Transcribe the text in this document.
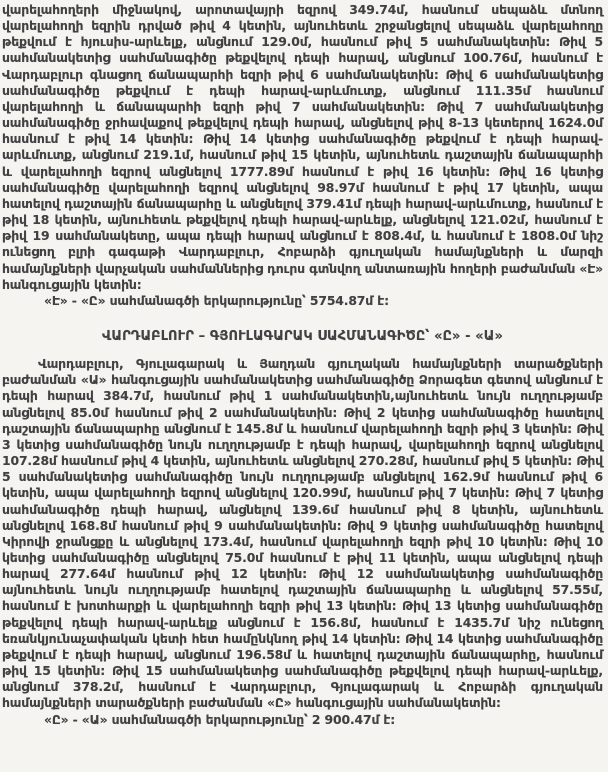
վարելահողերի միջնակով, արոտավայրի եզրով 349.74մ, հասնում սեպաձև մտնող վարելահողի եզրին դրված թիվ 4 կետին, այնուհետև շրջանցելով սեպաձև վարելահողը թեքվում է հյուսիս-արևելք, անցնում 129.0մ, հասնում թիվ 5 սահմանակետին: Թիվ 5 սահմանակետից սահմանագիծը թեքվելով դեպի հարավ, անցնում 100.76մ, հասնում է Վարդաբլուր գնացող ճանապարհի եզրի թիվ 6 սահմանակետին: Թիվ 6 սահմանակետից սահմանագիծը թեքվում է դեպի հարավ-արևմուտք, անցնում 111.35մ հասնում վարելահողի և ճանապարհի եզրի թիվ 7 սահմանակետին: Թիվ 7 սահմանակետից սահմանագիծը ջրհավաքով թեքվելով դեպի հարավ, անցնելով թիվ 8-13 կետերով 1624.0մ հասնում է թիվ 14 կետին: Թիվ 14 կետից սահմանագիծը թեքվում է դեպի հարավ-արևմուտք, անցնում 219.1մ, հասնում թիվ 15 կետին, այնուհետև դաշտային ճանապարհի և վարելահողի եզրով անցնելով 1777.89մ հասնում է թիվ 16 կետին: Թիվ 16 կետից սահմանագիծը վարելահողի եզրով անցնելով 98.97մ հասնում է թիվ 17 կետին, ապա հատելով դաշտային ճանապարհը և անցնելով 379.41մ դեպի հարավ-արևմուտք, հասնում է թիվ 18 կետին, այնուհետև թեքվելով դեպի հարավ-արևելք, անցնելով 121.02մ, հասնում է թիվ 19 սահմանակետը, ապա դեպի հարավ անցնում է 808.4մ, և հասնում է 1808.0մ նիշ ունեցող բլրի գագաթի Վարդաբլուր, Հոբարձի գյուղական համայնքների և մարզի համայնքների վարչական սահմաններից դուրս գտնվող անտառային հողերի բաժանման «Է» հանգուցային կետին:

«Է» - «Ը» սահմանագծի երկարությունը՝ 5754.87մ է:

ՎԱՐԴԱԲԼՈՒՐ – ԳՅՈՒԼԱԳԱՐԱԿ ՍԱՀՄԱՆԱԳԻԾԸ՝ «Ը» - «Ա»

Վարդաբլուր, Գյուլագարակ և Յաղդան գյուղական համայնքների տարածքների բաժանման «Ա» հանգուցային սահմանակետից սահմանագիծը Ձորագետ գետով անցնում է դեպի հարավ 384.7մ, հասնում թիվ 1 սահմանակետին,այնուհետև նույն ուղղությամբ անցնելով 85.0մ հասնում թիվ 2 սահմանակետին: Թիվ 2 կետից սահմանագիծը հատելով դաշտային ճանապարհը անցնում է 145.8մ և հասնում վարելահողի եզրի թիվ 3 կետին: Թիվ 3 կետից սահմանագիծը նույն ուղղությամբ է դեպի հարավ, վարելահողի եզրով անցնելով 107.28մ հասնում թիվ 4 կետին, այնուհետև անցնելով 270.28մ, հասնում թիվ 5 կետին: Թիվ 5 սահմանակետից սահմանագիծը նույն ուղղությամբ անցնելով 162.9մ հասնում թիվ 6 կետին, ապա վարելահողի եզրով անցնելով 120.99մ, հասնում թիվ 7 կետին: Թիվ 7 կետից սահմանագիծը դեպի հարավ, անցնելով 139.6մ հասնում թիվ 8 կետին, այնուհետև անցնելով 168.8մ հասնում թիվ 9 սահմանակետին: Թիվ 9 կետից սահմանագիծը հատելով Կիրովի ջրանցքը և անցնելով 173.4մ, հասնում վարելահողի եզրի թիվ 10 կետին: Թիվ 10 կետից սահմանագիծը անցնելով 75.0մ հասնում է թիվ 11 կետին, ապա անցնելով դեպի հարավ 277.64մ հասնում թիվ 12 կետին: Թիվ 12 սահմանակետից սահմանագիծը այնուհետև նույն ուղղությամբ հատելով դաշտային ճանապարհը և անցնելով 57.55մ, հասնում է խոտհարքի և վարելահողի եզրի թիվ 13 կետին: Թիվ 13 կետից սահմանագիծը թեքվելով դեպի հարավ-արևելք անցնում է 156.8մ, հասնում է 1435.7մ նիշ ունեցող եռանկյունաչափական կետի հետ համընկնող թիվ 14 կետին: Թիվ 14 կետից սահմանագիծը թեքվում է դեպի հարավ, անցնում 196.58մ և հատելով դաշտային ճանապարհը, հասնում թիվ 15 կետին: Թիվ 15 սահմանակետից սահմանագիծը թեքվելով դեպի հարավ-արևելք, անցնում 378.2մ, հասնում է Վարդաբլուր, Գյուլագարակ և Հոբարձի գյուղական համայնքների տարածքների բաժանման «Ը» հանգուցային սահմանակետին:

«Ը» - «Ա» սահմանագծի երկարությունը՝ 2 900.47մ է:
